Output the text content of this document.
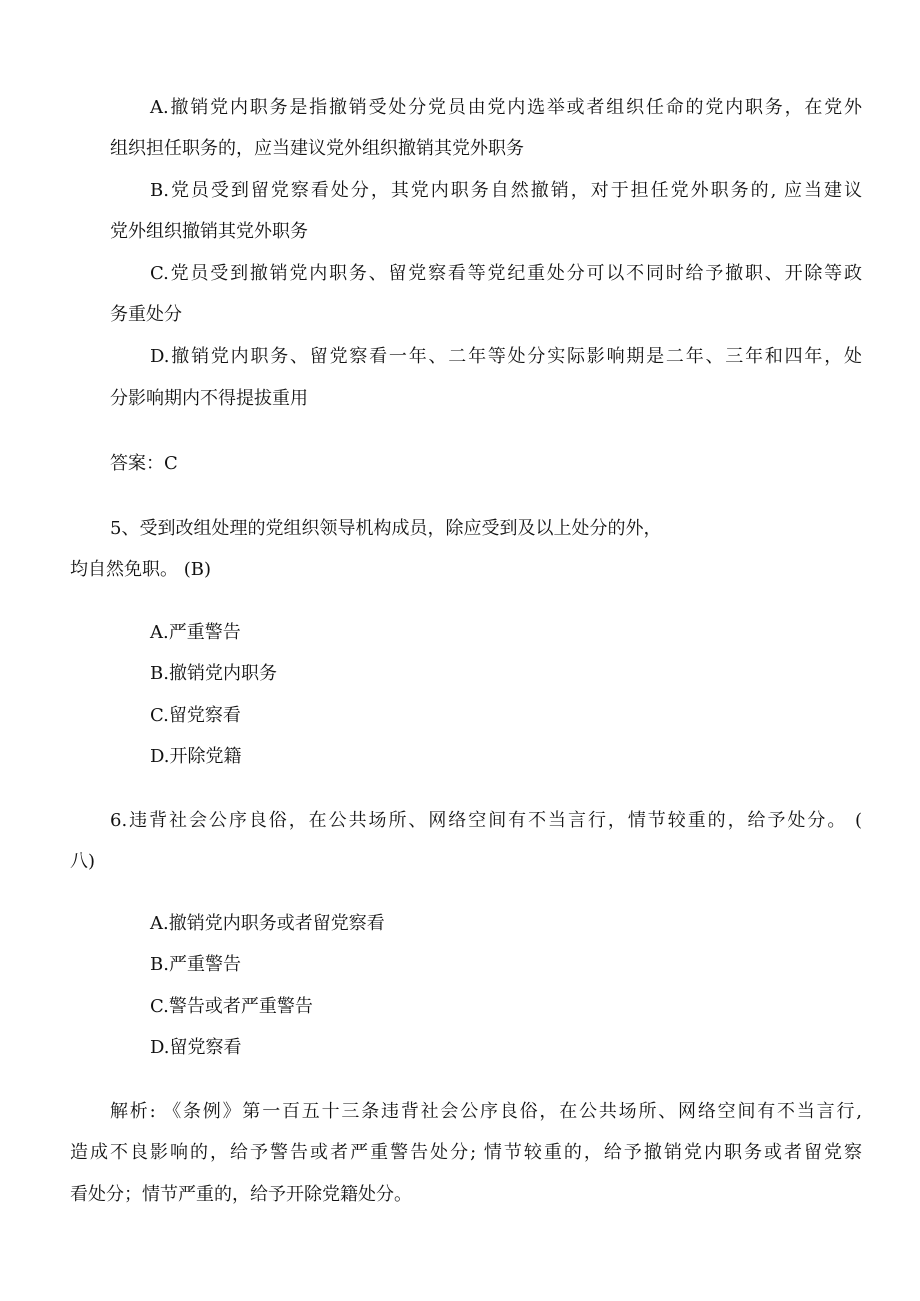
A.撤销党内职务是指撤销受处分党员由党内选举或者组织任命的党内职务，在党外
组织担任职务的，应当建议党外组织撤销其党外职务
B.党员受到留党察看处分，其党内职务自然撤销，对于担任党外职务的, 应当建议
党外组织撤销其党外职务
C.党员受到撤销党内职务、留党察看等党纪重处分可以不同时给予撤职、开除等政
务重处分
D.撤销党内职务、留党察看一年、二年等处分实际影响期是二年、三年和四年，处
分影响期内不得提拔重用
答案：C
5、受到改组处理的党组织领导机构成员，除应受到及以上处分的外，
均自然免职。 (B)
A.严重警告
B.撤销党内职务
C.留党察看
D.开除党籍
6.违背社会公序良俗，在公共场所、网络空间有不当言行，情节较重的，给予处分。 (
八)
A.撤销党内职务或者留党察看
B.严重警告
C.警告或者严重警告
D.留党察看
解析: 《条例》第一百五十三条违背社会公序良俗，在公共场所、网络空间有不当言行,
造成不良影响的，给予警告或者严重警告处分; 情节较重的，给予撤销党内职务或者留党察
看处分；情节严重的，给予开除党籍处分。
